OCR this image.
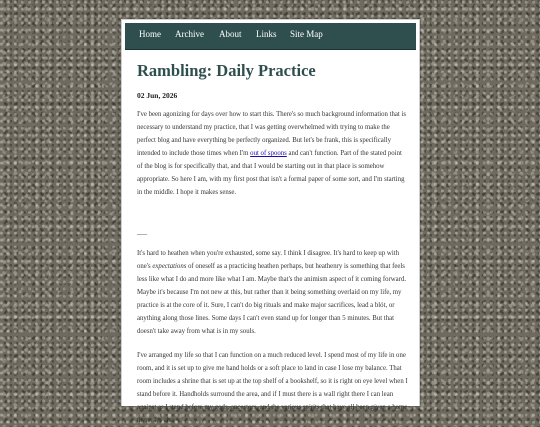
Home Archive About Links Site Map
Rambling: Daily Practice
02 Jun, 2026

I've been agonizing for days over how to start this. There's so much background information that is necessary to understand my practice, that I was getting overwhelmed with trying to make the perfect blog and have everything be perfectly organized. But let's be frank, this is specifically intended to include those times when I'm out of spoons and can't function. Part of the stated point of the blog is for specifically that, and that I would be starting out in that place is somehow appropriate. So here I am, with my first post that isn't a formal paper of some sort, and I'm starting in the middle. I hope it makes sense.

___

It's hard to heathen when you're exhausted, some say. I think I disagree. It's hard to keep up with one's expectations of oneself as a practicing heathen perhaps, but heathenry is something that feels less like what I do and more like what I am. Maybe that's the animism aspect of it coming forward. Maybe it's because I'm not new at this, but rather than it being something overlaid on my life, my practice is at the core of it. Sure, I can't do big rituals and make major sacrifices, lead a blót, or anything along those lines. Some days I can't even stand up for longer than 5 minutes. But that doesn't take away from what is in my souls.

I've arranged my life so that I can function on a much reduced level. I spend most of my life in one room, and it is set up to give me hand holds or a soft place to land in case I lose my balance. That room includes a shrine that is set up at the top shelf of a bookshelf, so it is right on eye level when I stand before it. Handholds surround the area, and if I must there is a wall right there I can lean against as I stand before my gods, ancestors, and the various spirits that have all been given a home there. It's also
